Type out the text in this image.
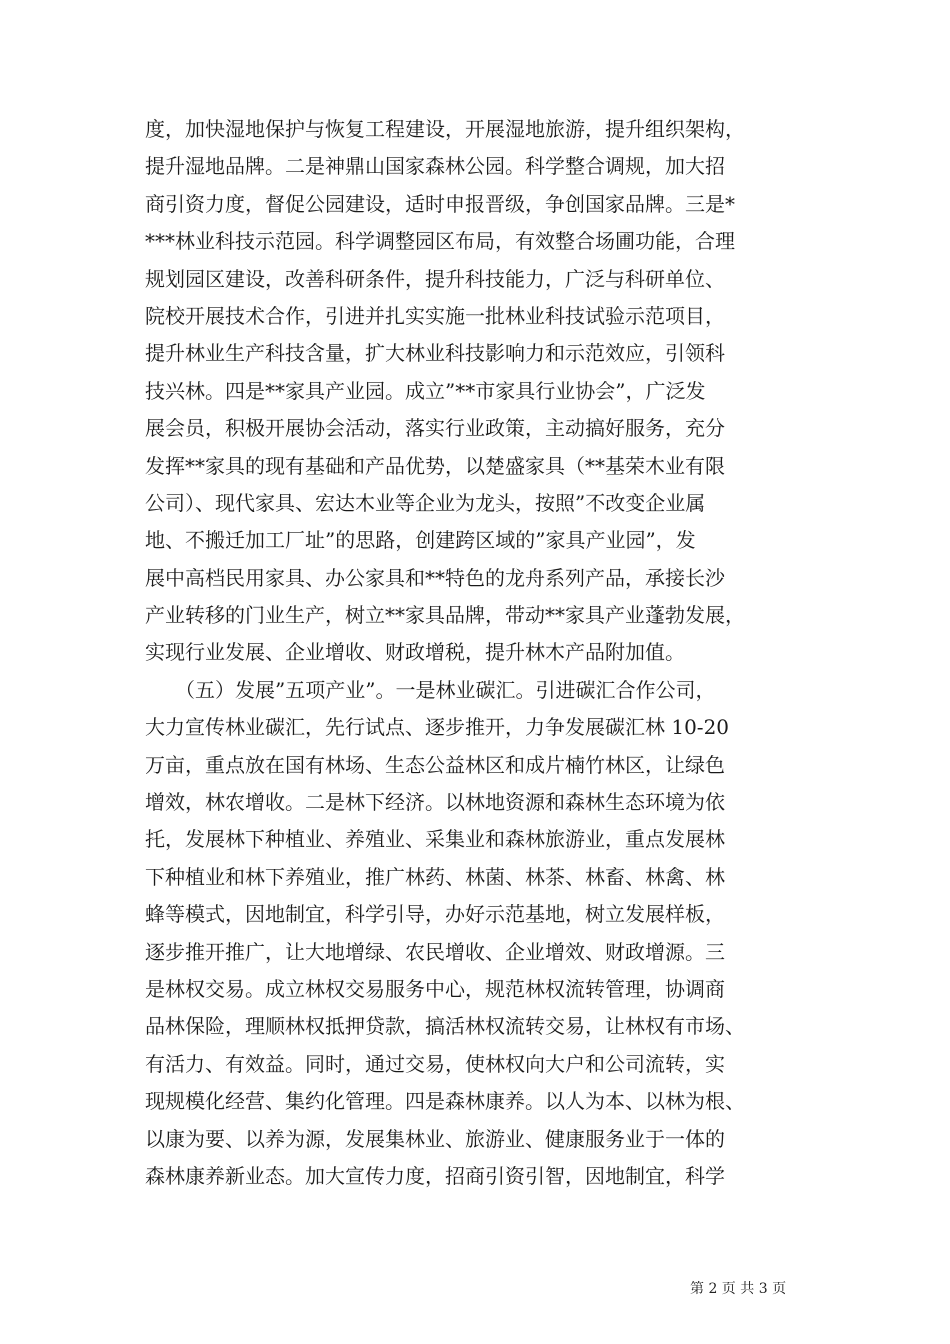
度，加快湿地保护与恢复工程建设，开展湿地旅游，提升组织架构，
提升湿地品牌。二是神鼎山国家森林公园。科学整合调规，加大招
商引资力度，督促公园建设，适时申报晋级，争创国家品牌。三是*
***林业科技示范园。科学调整园区布局，有效整合场圃功能，合理
规划园区建设，改善科研条件，提升科技能力，广泛与科研单位、
院校开展技术合作，引进并扎实实施一批林业科技试验示范项目，
提升林业生产科技含量，扩大林业科技影响力和示范效应，引领科
技兴林。四是**家具产业园。成立”**市家具行业协会”，广泛发
展会员，积极开展协会活动，落实行业政策，主动搞好服务，充分
发挥**家具的现有基础和产品优势，以楚盛家具（**基荣木业有限
公司）、现代家具、宏达木业等企业为龙头，按照”不改变企业属
地、不搬迁加工厂址”的思路，创建跨区域的”家具产业园”，发
展中高档民用家具、办公家具和**特色的龙舟系列产品，承接长沙
产业转移的门业生产，树立**家具品牌，带动**家具产业蓬勃发展，
实现行业发展、企业增收、财政增税，提升林木产品附加值。
　　（五）发展”五项产业”。一是林业碳汇。引进碳汇合作公司，
大力宣传林业碳汇，先行试点、逐步推开，力争发展碳汇林 10-20
万亩，重点放在国有林场、生态公益林区和成片楠竹林区，让绿色
增效，林农增收。二是林下经济。以林地资源和森林生态环境为依
托，发展林下种植业、养殖业、采集业和森林旅游业，重点发展林
下种植业和林下养殖业，推广林药、林菌、林茶、林畜、林禽、林
蜂等模式，因地制宜，科学引导，办好示范基地，树立发展样板，
逐步推开推广，让大地增绿、农民增收、企业增效、财政增源。三
是林权交易。成立林权交易服务中心，规范林权流转管理，协调商
品林保险，理顺林权抵押贷款，搞活林权流转交易，让林权有市场、
有活力、有效益。同时，通过交易，使林权向大户和公司流转，实
现规模化经营、集约化管理。四是森林康养。以人为本、以林为根、
以康为要、以养为源，发展集林业、旅游业、健康服务业于一体的
森林康养新业态。加大宣传力度，招商引资引智，因地制宜，科学
第 2 页 共 3 页
